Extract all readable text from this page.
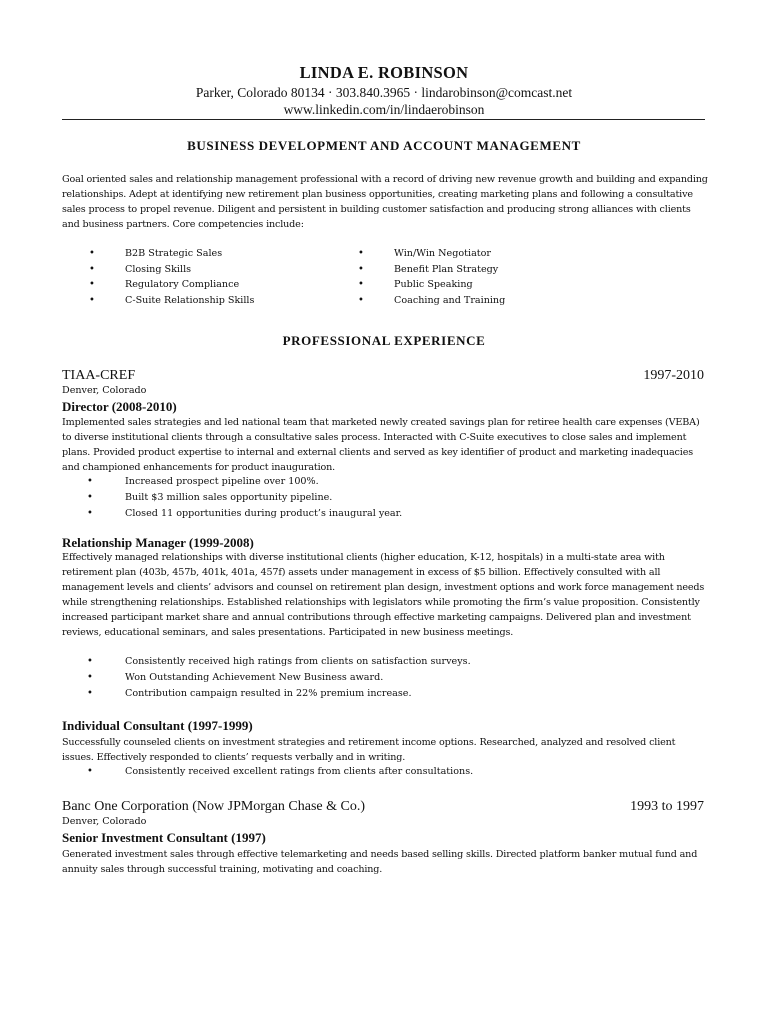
LINDA E. ROBINSON
Parker, Colorado 80134 · 303.840.3965 · lindarobinson@comcast.net
www.linkedin.com/in/lindaerobinson
BUSINESS DEVELOPMENT AND ACCOUNT MANAGEMENT

Goal oriented sales and relationship management professional with a record of driving new revenue growth and building and expanding relationships. Adept at identifying new retirement plan business opportunities, creating marketing plans and following a consultative sales process to propel revenue. Diligent and persistent in building customer satisfaction and producing strong alliances with clients and business partners. Core competencies include:

•	B2B Strategic Sales
•	Closing Skills
•	Regulatory Compliance
•	C-Suite Relationship Skills
•	Win/Win Negotiator
•	Benefit Plan Strategy
•	Public Speaking
•	Coaching and Training
PROFESSIONAL EXPERIENCE
TIAA-CREF	1997-2010
Denver, Colorado
Director (2008-2010)

Implemented sales strategies and led national team that marketed newly created savings plan for retiree health care expenses (VEBA) to diverse institutional clients through a consultative sales process. Interacted with C-Suite executives to close sales and implement plans. Provided product expertise to internal and external clients and served as key identifier of product and marketing inadequacies and championed enhancements for product inauguration.

•	Increased prospect pipeline over 100%.
•	Built $3 million sales opportunity pipeline.
•	Closed 11 opportunities during product’s inaugural year.
Relationship Manager (1999-2008)

Effectively managed relationships with diverse institutional clients (higher education, K-12, hospitals) in a multi-state area with retirement plan (403b, 457b, 401k, 401a, 457f) assets under management in excess of $5 billion. Effectively consulted with all management levels and clients’ advisors and counsel on retirement plan design, investment options and work force management needs while strengthening relationships. Established relationships with legislators while promoting the firm’s value proposition. Consistently increased participant market share and annual contributions through effective marketing campaigns. Delivered plan and investment reviews, educational seminars, and sales presentations. Participated in new business meetings.

•	Consistently received high ratings from clients on satisfaction surveys.
•	Won Outstanding Achievement New Business award.
•	Contribution campaign resulted in 22% premium increase.
Individual Consultant (1997-1999)

Successfully counseled clients on investment strategies and retirement income options. Researched, analyzed and resolved client issues. Effectively responded to clients’ requests verbally and in writing.

•	Consistently received excellent ratings from clients after consultations.
Banc One Corporation (Now JPMorgan Chase & Co.)	1993 to 1997
Denver, Colorado
Senior Investment Consultant (1997)

Generated investment sales through effective telemarketing and needs based selling skills. Directed platform banker mutual fund and annuity sales through successful training, motivating and coaching.
